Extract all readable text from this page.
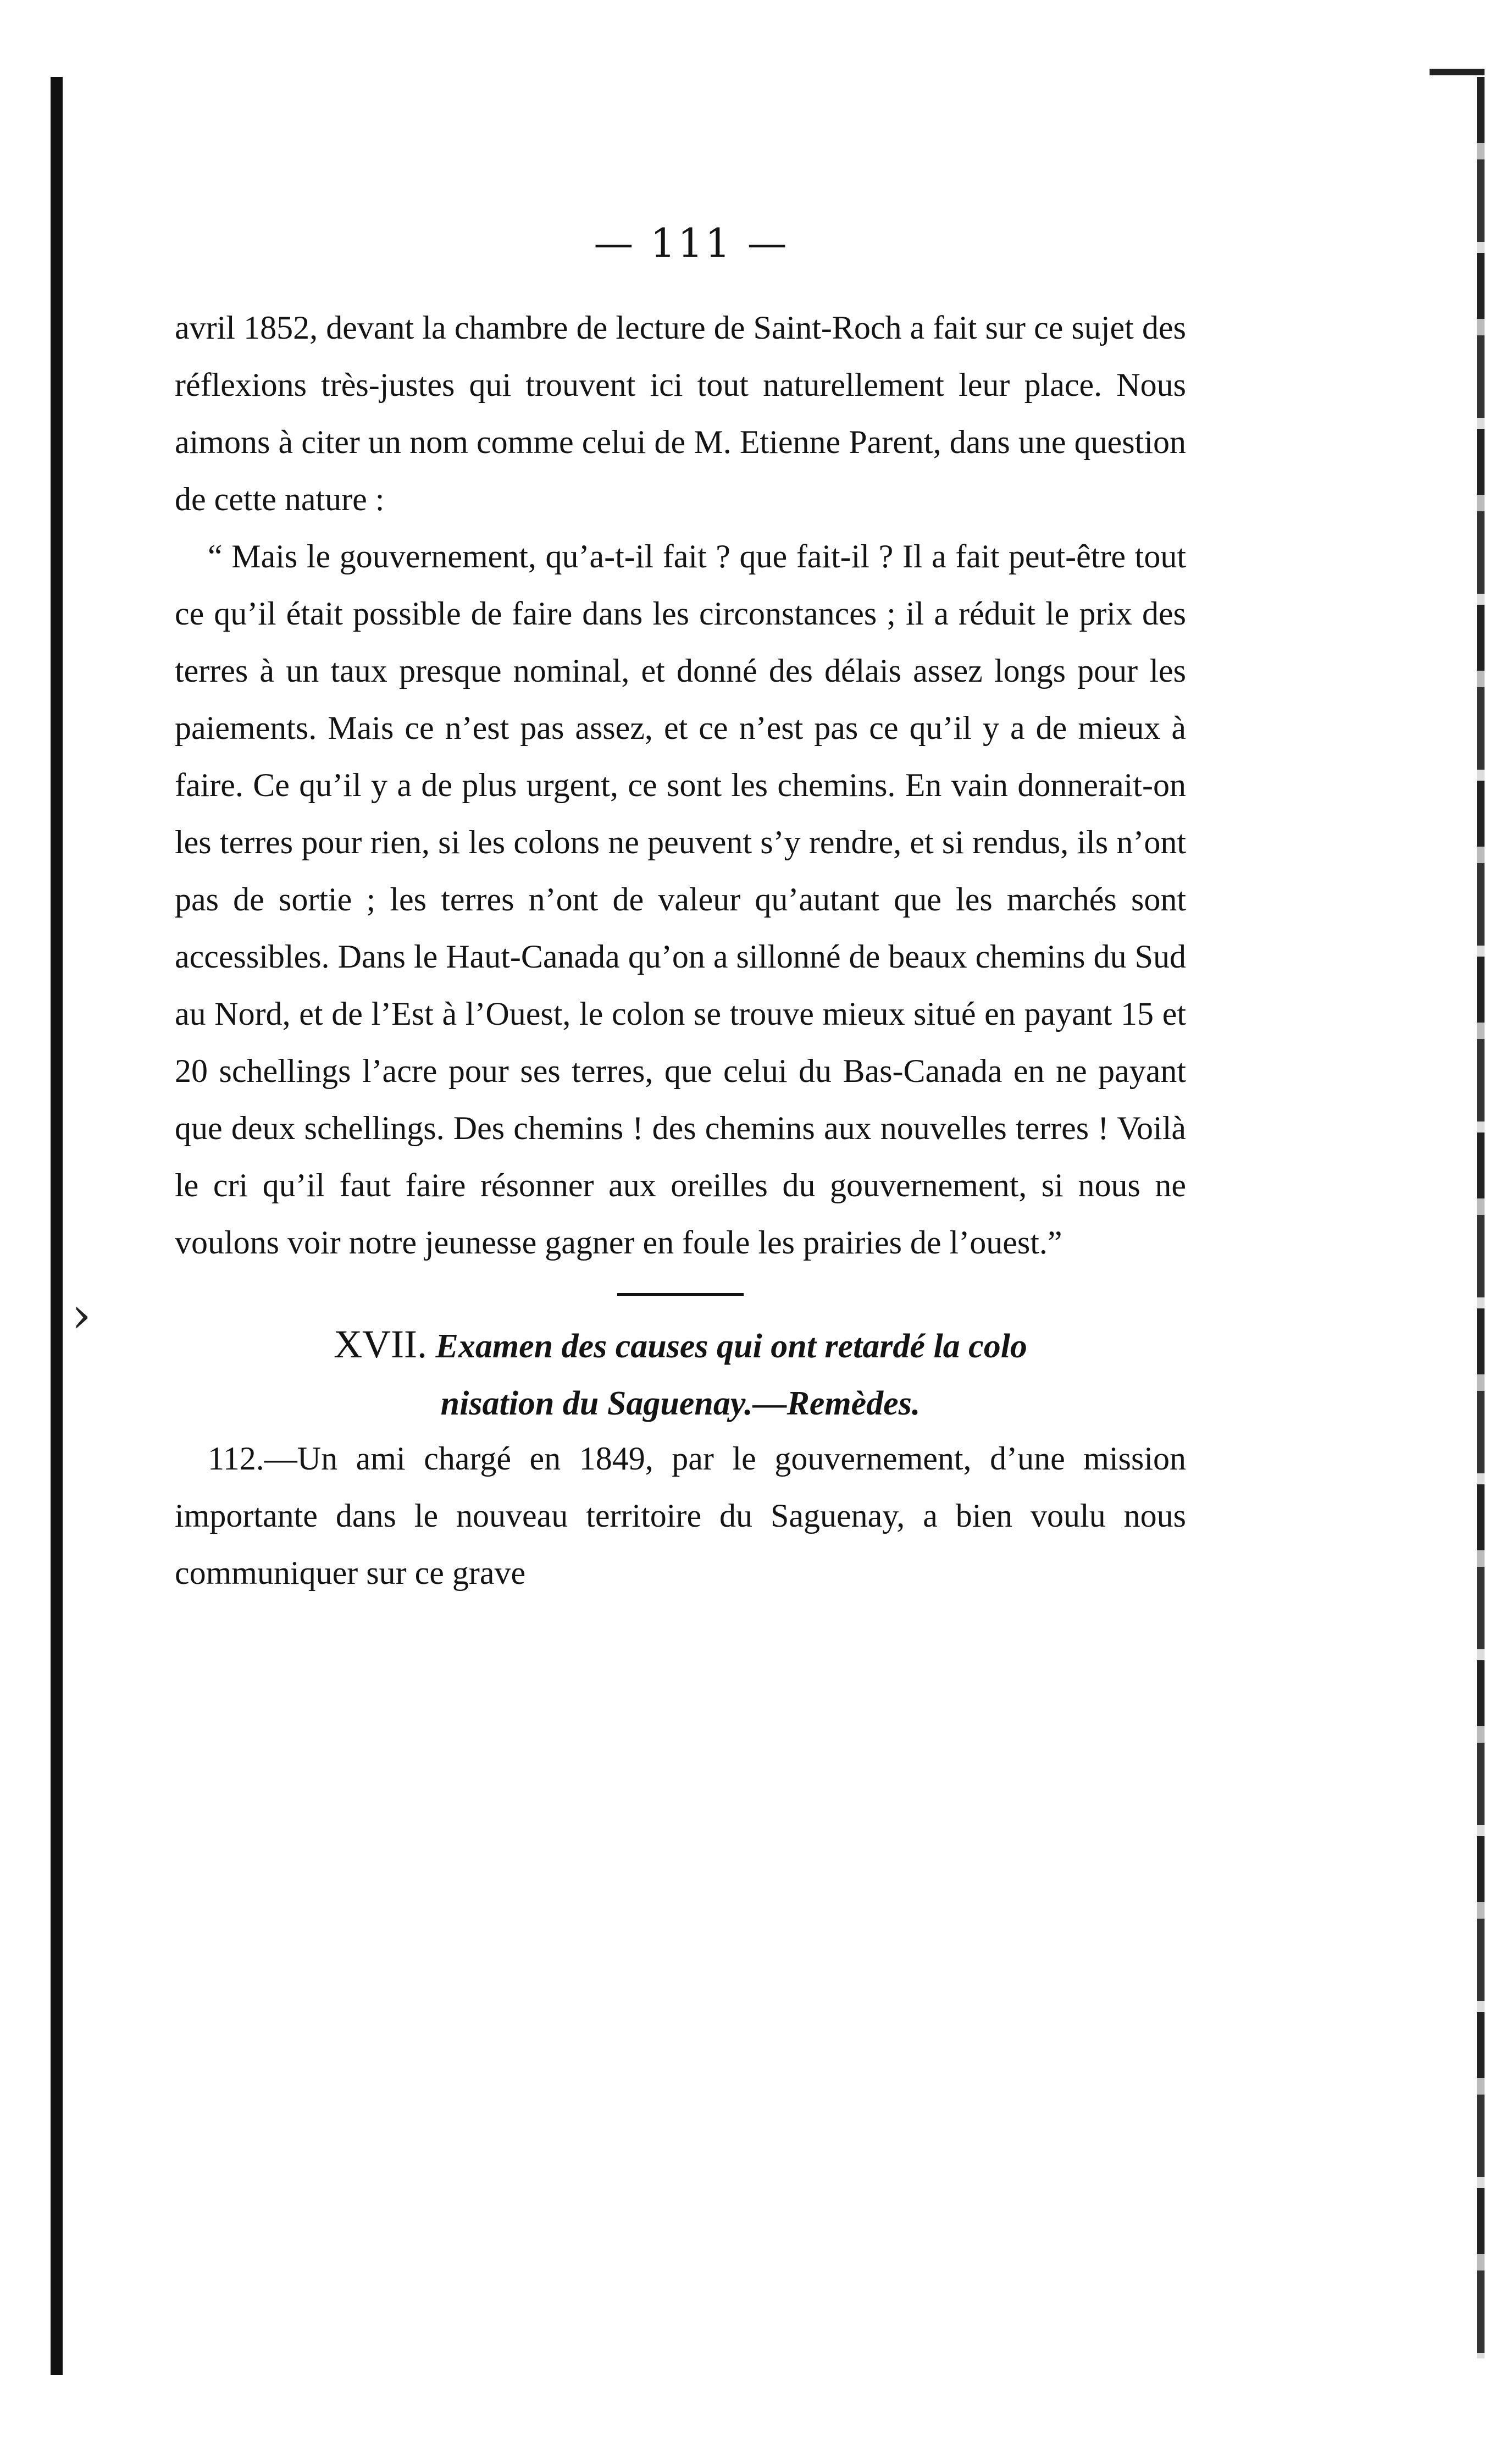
›
— 111 —

avril 1852, devant la chambre de lecture de Saint-Roch a fait sur ce sujet des réflexions très-justes qui trouvent ici tout naturellement leur place. Nous aimons à citer un nom comme celui de M. Etienne Parent, dans une question de cette nature :

“ Mais le gouvernement, qu’a-t-il fait ? que fait-il ? Il a fait peut-être tout ce qu’il était possible de faire dans les circonstances ; il a réduit le prix des terres à un taux presque nominal, et donné des délais assez longs pour les paiements. Mais ce n’est pas assez, et ce n’est pas ce qu’il y a de mieux à faire. Ce qu’il y a de plus urgent, ce sont les chemins. En vain donnerait-on les terres pour rien, si les colons ne peuvent s’y rendre, et si rendus, ils n’ont pas de sortie ; les terres n’ont de valeur qu’autant que les marchés sont accessibles. Dans le Haut-Canada qu’on a sillonné de beaux chemins du Sud au Nord, et de l’Est à l’Ouest, le colon se trouve mieux situé en payant 15 et 20 schellings l’acre pour ses terres, que celui du Bas-Canada en ne payant que deux schellings. Des chemins ! des chemins aux nouvelles terres ! Voilà le cri qu’il faut faire résonner aux oreilles du gouvernement, si nous ne voulons voir notre jeunesse gagner en foule les prairies de l’ouest.”

XVII. Examen des causes qui ont retardé la colo
nisation du Saguenay.—Remèdes.

112.—Un ami chargé en 1849, par le gouvernement, d’une mission importante dans le nouveau territoire du Saguenay, a bien voulu nous communiquer sur ce grave
